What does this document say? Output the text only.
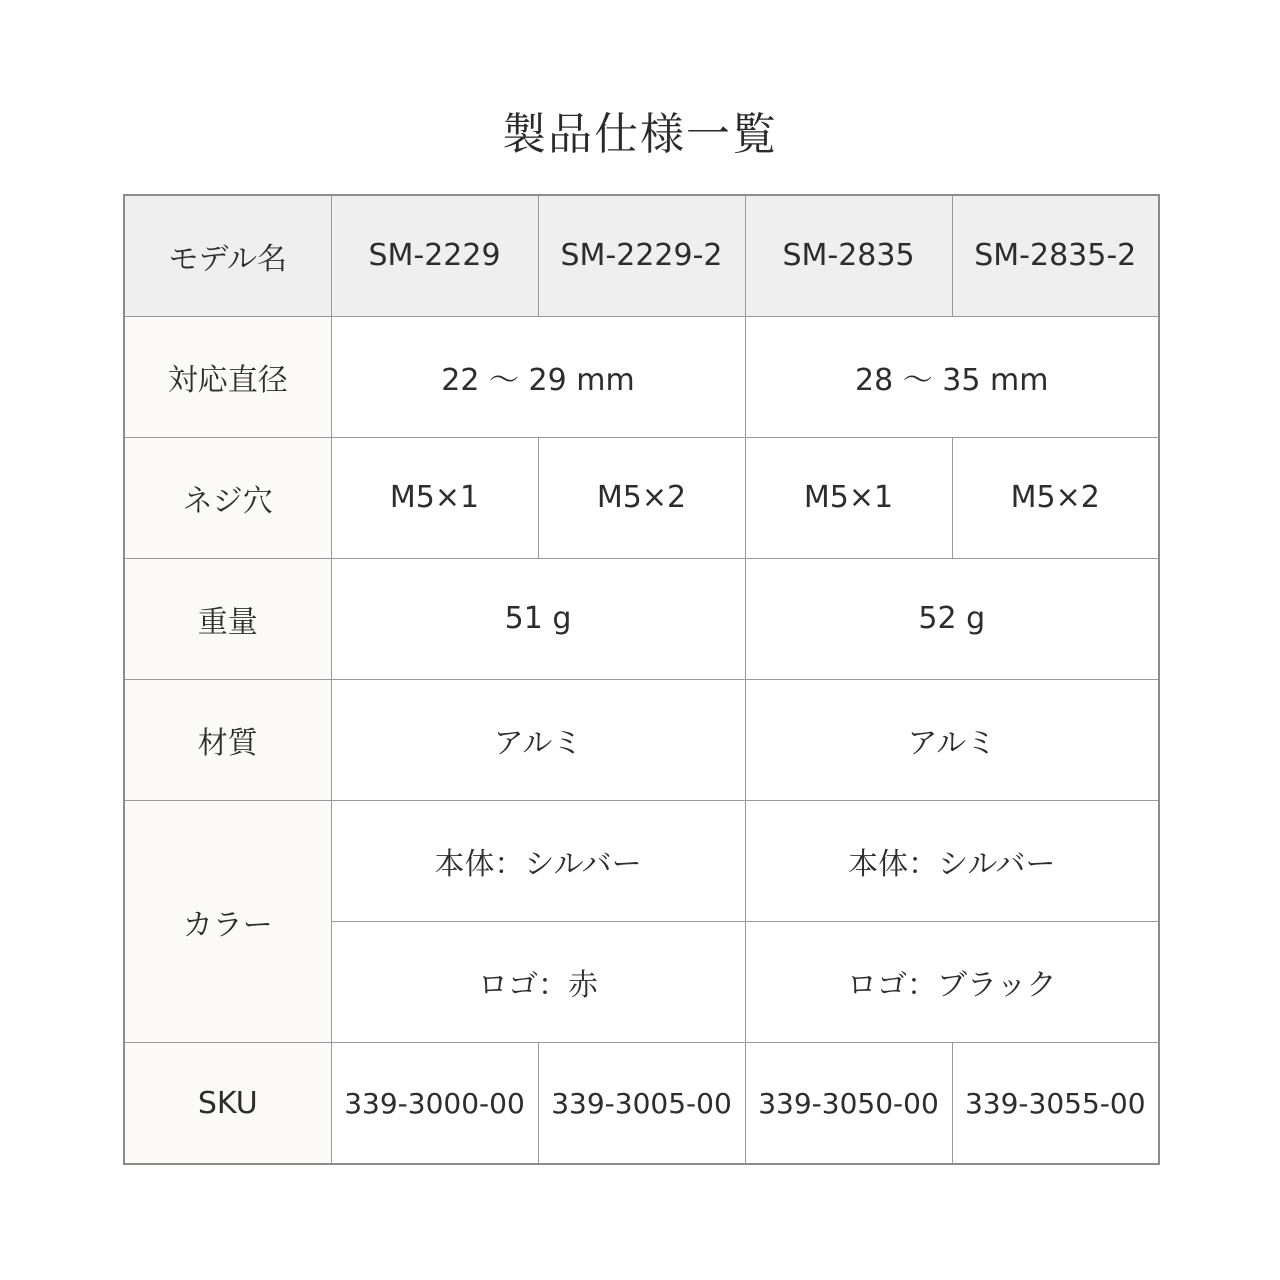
製品仕様一覧
モデル名	SM-2229	SM-2229-2	SM-2835	SM-2835-2
対応直径	22 〜 29 mm		28 〜 35 mm	
ネジ穴	M5×1	M5×2	M5×1	M5×2
重量	51 g		52 g	
材質	アルミ		アルミ	
カラー	本体：シルバー		本体：シルバー	
	ロゴ：赤		ロゴ：ブラック	
SKU	339-3000-00	339-3005-00	339-3050-00	339-3055-00
